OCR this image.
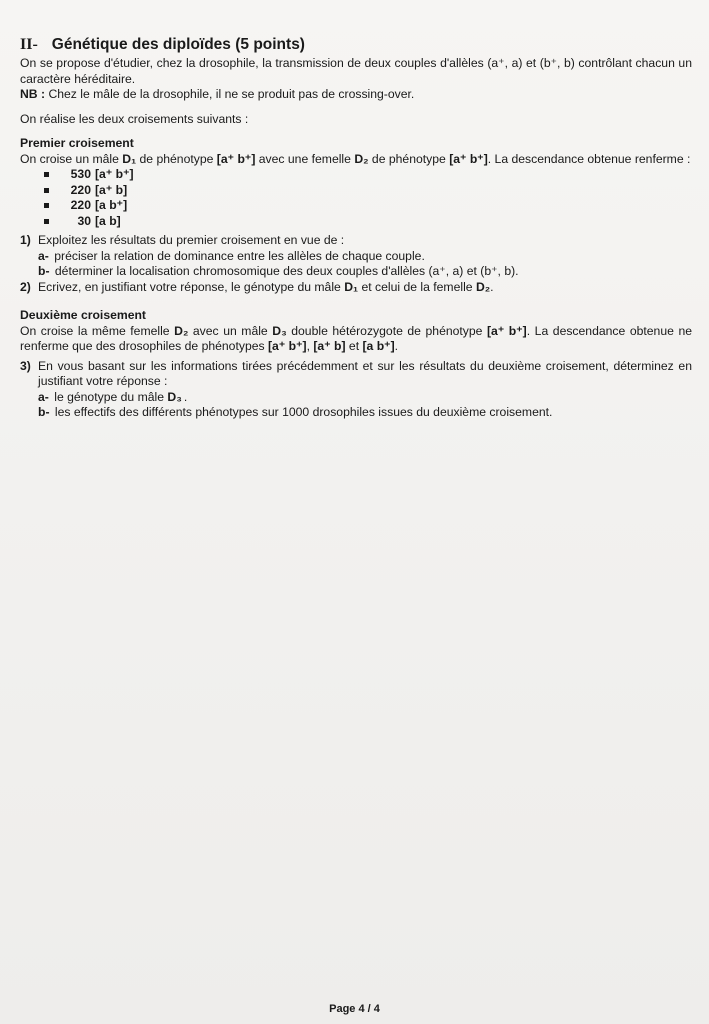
II- Génétique des diploïdes (5 points)

On se propose d'étudier, chez la drosophile, la transmission de deux couples d'allèles (a⁺, a) et (b⁺, b) contrôlant chacun un caractère héréditaire.

NB : Chez le mâle de la drosophile, il ne se produit pas de crossing-over.

On réalise les deux croisements suivants :

Premier croisement

On croise un mâle D₁ de phénotype [a⁺ b⁺] avec une femelle D₂ de phénotype [a⁺ b⁺]. La descendance obtenue renferme :

530 [a⁺ b⁺]
220 [a⁺ b]
220 [a b⁺]
30 [a b]
1) Exploitez les résultats du premier croisement en vue de :

a- préciser la relation de dominance entre les allèles de chaque couple.

b- déterminer la localisation chromosomique des deux couples d'allèles (a⁺, a) et (b⁺, b).

2) Ecrivez, en justifiant votre réponse, le génotype du mâle D₁ et celui de la femelle D₂.

Deuxième croisement

On croise la même femelle D₂ avec un mâle D₃ double hétérozygote de phénotype [a⁺ b⁺]. La descendance obtenue ne renferme que des drosophiles de phénotypes [a⁺ b⁺], [a⁺ b] et [a b⁺].

3) En vous basant sur les informations tirées précédemment et sur les résultats du deuxième croisement, déterminez en justifiant votre réponse :

a- le génotype du mâle D₃ .

b- les effectifs des différents phénotypes sur 1000 drosophiles issues du deuxième croisement.

Page 4 / 4
